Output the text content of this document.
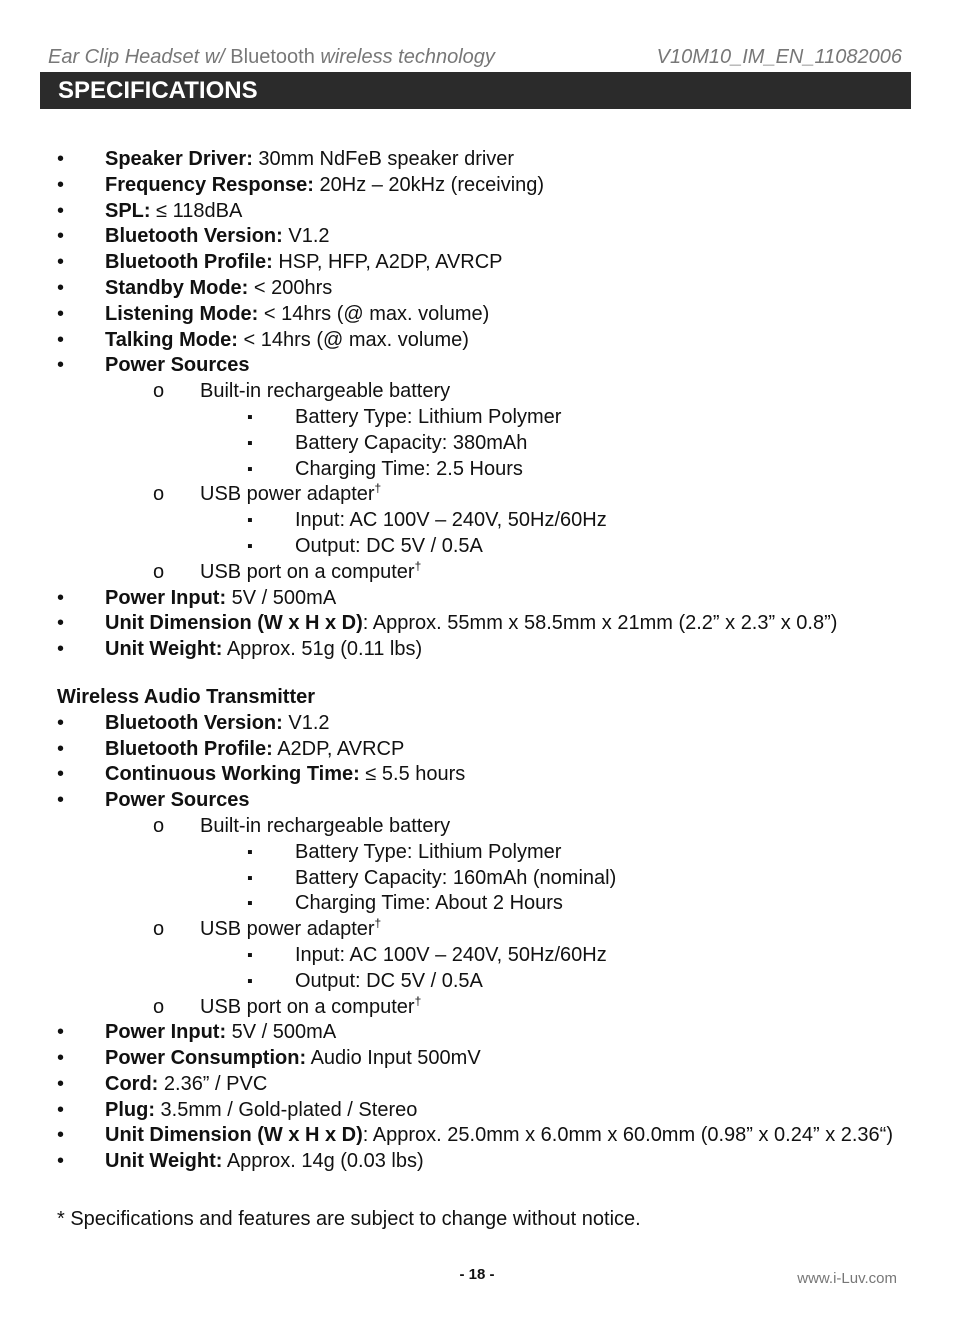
Ear Clip Headset w/ Bluetooth wireless technology	V10M10_IM_EN_11082006
SPECIFICATIONS
• Speaker Driver: 30mm NdFeB speaker driver
• Frequency Response: 20Hz – 20kHz (receiving)
• SPL: ≤ 118dBA
• Bluetooth Version: V1.2
• Bluetooth Profile: HSP, HFP, A2DP, AVRCP
• Standby Mode: < 200hrs
• Listening Mode: < 14hrs (@ max. volume)
• Talking Mode: < 14hrs (@ max. volume)
• Power Sources
o Built-in rechargeable battery
▪ Battery Type: Lithium Polymer
▪ Battery Capacity: 380mAh
▪ Charging Time: 2.5 Hours
o USB power adapter†
▪ Input: AC 100V – 240V, 50Hz/60Hz
▪ Output: DC 5V / 0.5A
o USB port on a computer†
• Power Input: 5V / 500mA
• Unit Dimension (W x H x D): Approx. 55mm x 58.5mm x 21mm (2.2” x 2.3” x 0.8”)
• Unit Weight: Approx. 51g (0.11 lbs)
Wireless Audio Transmitter
• Bluetooth Version: V1.2
• Bluetooth Profile: A2DP, AVRCP
• Continuous Working Time: ≤ 5.5 hours
• Power Sources
o Built-in rechargeable battery
▪ Battery Type: Lithium Polymer
▪ Battery Capacity: 160mAh (nominal)
▪ Charging Time: About 2 Hours
o USB power adapter†
▪ Input: AC 100V – 240V, 50Hz/60Hz
▪ Output: DC 5V / 0.5A
o USB port on a computer†
• Power Input: 5V / 500mA
• Power Consumption: Audio Input 500mV
• Cord: 2.36” / PVC
• Plug: 3.5mm / Gold-plated / Stereo
• Unit Dimension (W x H x D): Approx. 25.0mm x 6.0mm x 60.0mm (0.98” x 0.24” x 2.36“)
• Unit Weight: Approx. 14g (0.03 lbs)
* Specifications and features are subject to change without notice.
- 18 -	www.i-Luv.com
